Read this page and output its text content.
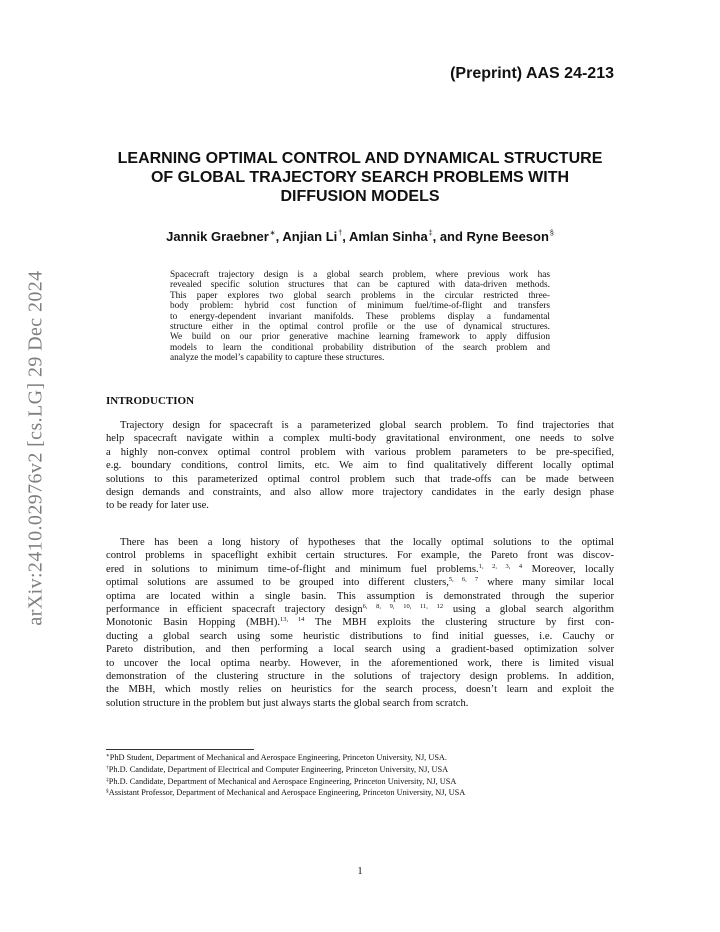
(Preprint) AAS 24-213
arXiv:2410.02976v2 [cs.LG] 29 Dec 2024
LEARNING OPTIMAL CONTROL AND DYNAMICAL STRUCTURE
OF GLOBAL TRAJECTORY SEARCH PROBLEMS WITH
DIFFUSION MODELS
Jannik Graebner∗, Anjian Li†, Amlan Sinha‡, and Ryne Beeson§
Spacecraft trajectory design is a global search problem, where previous work has
revealed specific solution structures that can be captured with data-driven methods.
This paper explores two global search problems in the circular restricted three-
body problem: hybrid cost function of minimum fuel/time-of-flight and transfers
to energy-dependent invariant manifolds. These problems display a fundamental
structure either in the optimal control profile or the use of dynamical structures.
We build on our prior generative machine learning framework to apply diffusion
models to learn the conditional probability distribution of the search problem and
analyze the model’s capability to capture these structures.
INTRODUCTION
Trajectory design for spacecraft is a parameterized global search problem. To find trajectories that
help spacecraft navigate within a complex multi-body gravitational environment, one needs to solve
a highly non-convex optimal control problem with various problem parameters to be pre-specified,
e.g. boundary conditions, control limits, etc. We aim to find qualitatively different locally optimal
solutions to this parameterized optimal control problem such that trade-offs can be made between
design demands and constraints, and also allow more trajectory candidates in the early design phase
to be ready for later use.
There has been a long history of hypotheses that the locally optimal solutions to the optimal
control problems in spaceflight exhibit certain structures. For example, the Pareto front was discov-
ered in solutions to minimum time-of-flight and minimum fuel problems.$^{1, 2, 3, 4}$ Moreover, locally
optimal solutions are assumed to be grouped into different clusters,$^{5, 6, 7}$ where many similar local
optima are located within a single basin. This assumption is demonstrated through the superior
performance in efficient spacecraft trajectory design$^{6, 8, 9, 10, 11, 12}$ using a global search algorithm
Monotonic Basin Hopping (MBH).$^{13, 14}$ The MBH exploits the clustering structure by first con-
ducting a global search using some heuristic distributions to find initial guesses, i.e. Cauchy or
Pareto distribution, and then performing a local search using a gradient-based optimization solver
to uncover the local optima nearby. However, in the aforementioned work, there is limited visual
demonstration of the clustering structure in the solutions of trajectory design problems. In addition,
the MBH, which mostly relies on heuristics for the search process, doesn’t learn and exploit the
solution structure in the problem but just always starts the global search from scratch.
∗PhD Student, Department of Mechanical and Aerospace Engineering, Princeton University, NJ, USA.
†Ph.D. Candidate, Department of Electrical and Computer Engineering, Princeton University, NJ, USA
‡Ph.D. Candidate, Department of Mechanical and Aerospace Engineering, Princeton University, NJ, USA
§Assistant Professor, Department of Mechanical and Aerospace Engineering, Princeton University, NJ, USA
1
